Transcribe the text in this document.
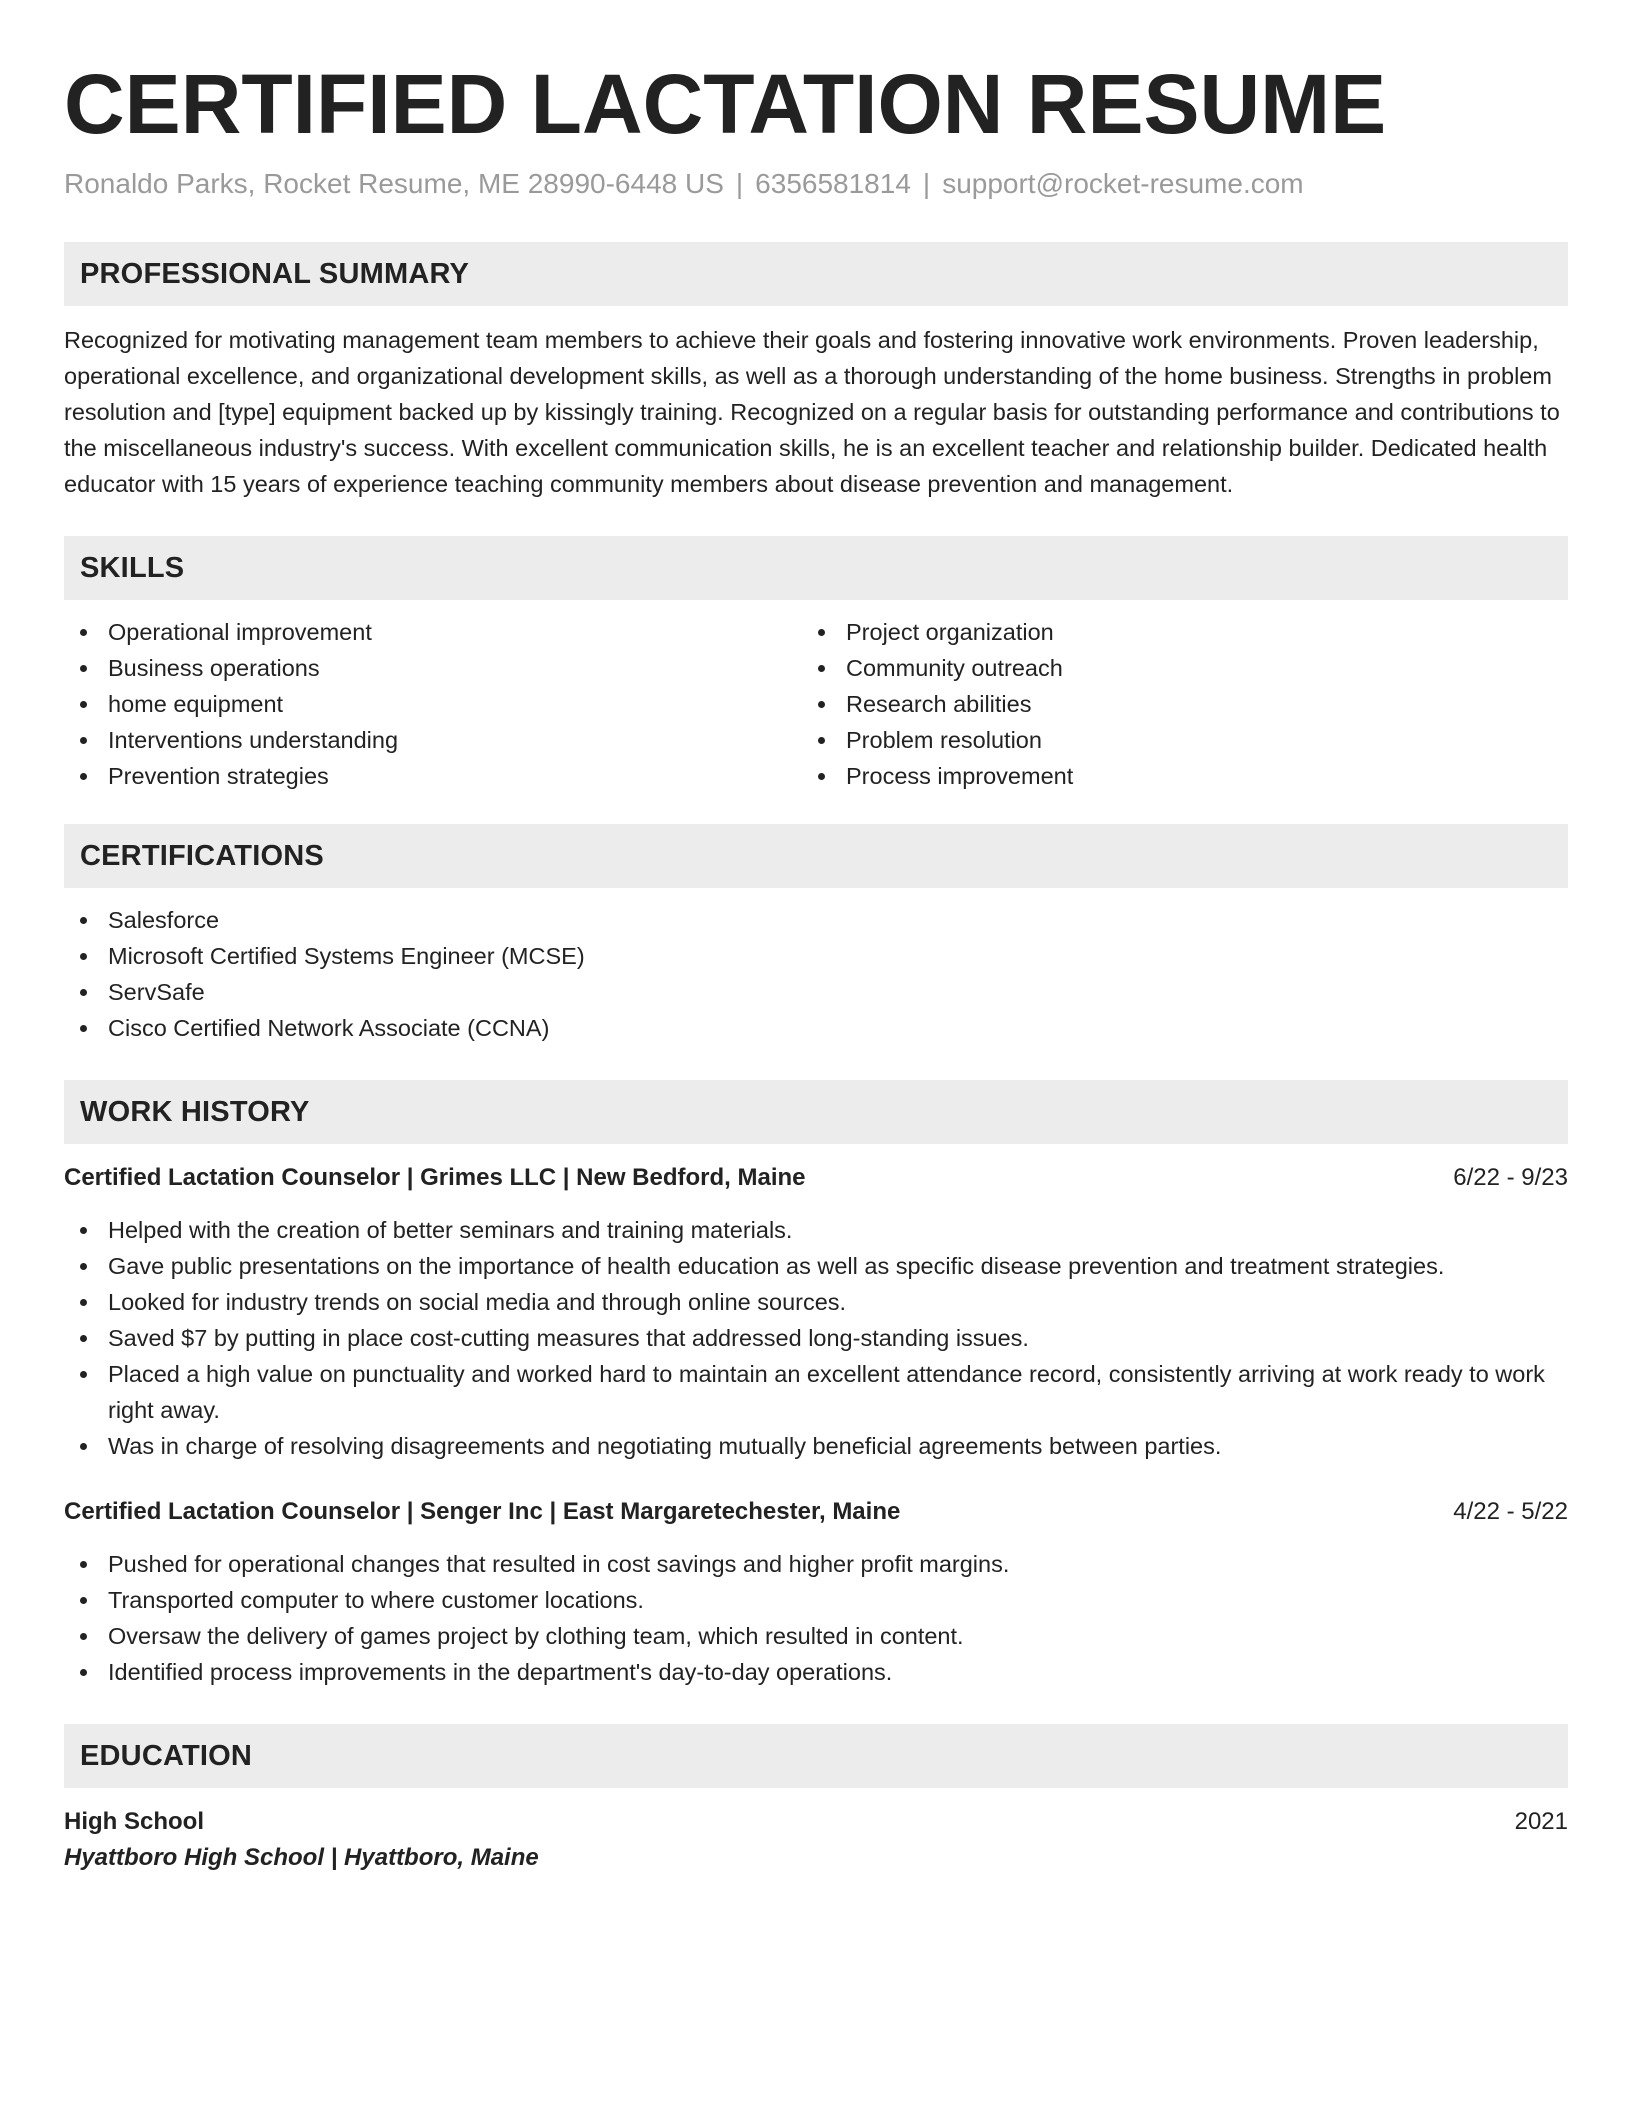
CERTIFIED LACTATION RESUME
Ronaldo Parks, Rocket Resume, ME 28990-6448 US | 6356581814 | support@rocket-resume.com
PROFESSIONAL SUMMARY

Recognized for motivating management team members to achieve their goals and fostering innovative work environments. Proven leadership, operational excellence, and organizational development skills, as well as a thorough understanding of the home business. Strengths in problem resolution and [type] equipment backed up by kissingly training. Recognized on a regular basis for outstanding performance and contributions to the miscellaneous industry's success. With excellent communication skills, he is an excellent teacher and relationship builder. Dedicated health educator with 15 years of experience teaching community members about disease prevention and management.

SKILLS
Operational improvement
Business operations
home equipment
Interventions understanding
Prevention strategies
Project organization
Community outreach
Research abilities
Problem resolution
Process improvement
CERTIFICATIONS
Salesforce
Microsoft Certified Systems Engineer (MCSE)
ServSafe
Cisco Certified Network Associate (CCNA)
WORK HISTORY
Certified Lactation Counselor | Grimes LLC | New Bedford, Maine	6/22 - 9/23
Helped with the creation of better seminars and training materials.
Gave public presentations on the importance of health education as well as specific disease prevention and treatment strategies.
Looked for industry trends on social media and through online sources.
Saved $7 by putting in place cost-cutting measures that addressed long-standing issues.
Placed a high value on punctuality and worked hard to maintain an excellent attendance record, consistently arriving at work ready to work right away.
Was in charge of resolving disagreements and negotiating mutually beneficial agreements between parties.
Certified Lactation Counselor | Senger Inc | East Margaretechester, Maine	4/22 - 5/22
Pushed for operational changes that resulted in cost savings and higher profit margins.
Transported computer to where customer locations.
Oversaw the delivery of games project by clothing team, which resulted in content.
Identified process improvements in the department's day-to-day operations.
EDUCATION
High School	2021
Hyattboro High School | Hyattboro, Maine
